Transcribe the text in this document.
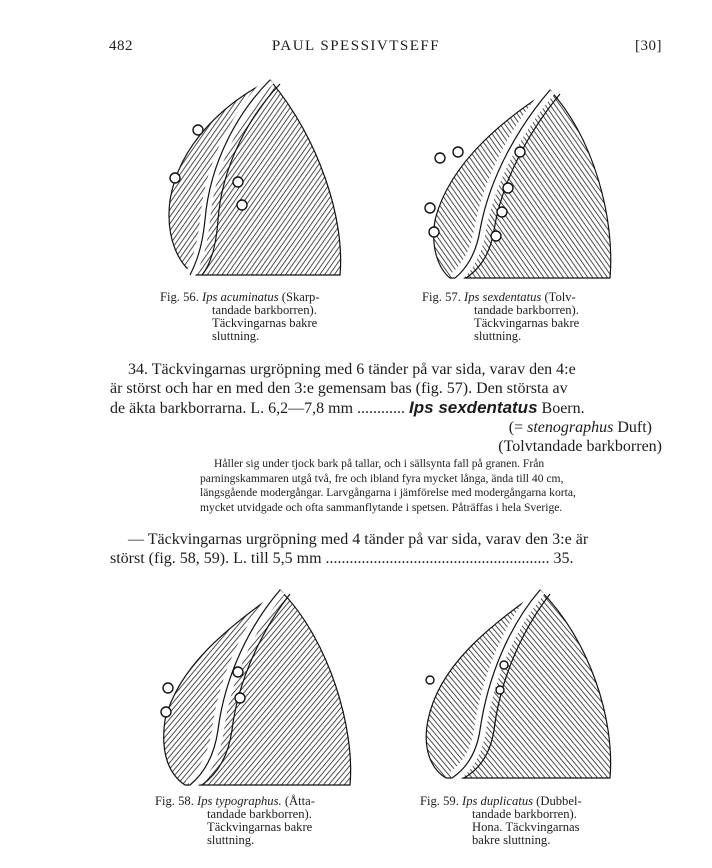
PAUL SPESSIVTSEFF
482	[30]
Fig. 56. Ips acuminatus (Skarp-
tandade barkborren).
Täckvingarnas bakre
sluttning.
Fig. 57. Ips sexdentatus (Tolv-
tandade barkborren).
Täckvingarnas bakre
sluttning.
34. Täckvingarnas urgröpning med 6 tänder på var sida, varav den 4:e
är störst och har en med den 3:e gemensam bas (fig. 57). Den största av
de äkta barkborrarna. L. 6,2—7,8 mm ............ Ips sexdentatus Boern.
(= stenographus Duft)
(Tolvtandade barkborren)
Håller sig under tjock bark på tallar, och i sällsynta fall på granen. Från
parningskammaren utgå två, fre och ibland fyra mycket långa, ända till 40 cm,
längsgående modergångar. Larvgångarna i jämförelse med modergångarna korta,
mycket utvidgade och ofta sammanflytande i spetsen. Påträffas i hela Sverige.
— Täckvingarnas urgröpning med 4 tänder på var sida, varav den 3:e är
störst (fig. 58, 59). L. till 5,5 mm ........................................................ 35.
Fig. 58. Ips typographus. (Åtta-
tandade barkborren).
Täckvingarnas bakre
sluttning.
Fig. 59. Ips duplicatus (Dubbel-
tandade barkborren).
Hona. Täckvingarnas
bakre sluttning.
